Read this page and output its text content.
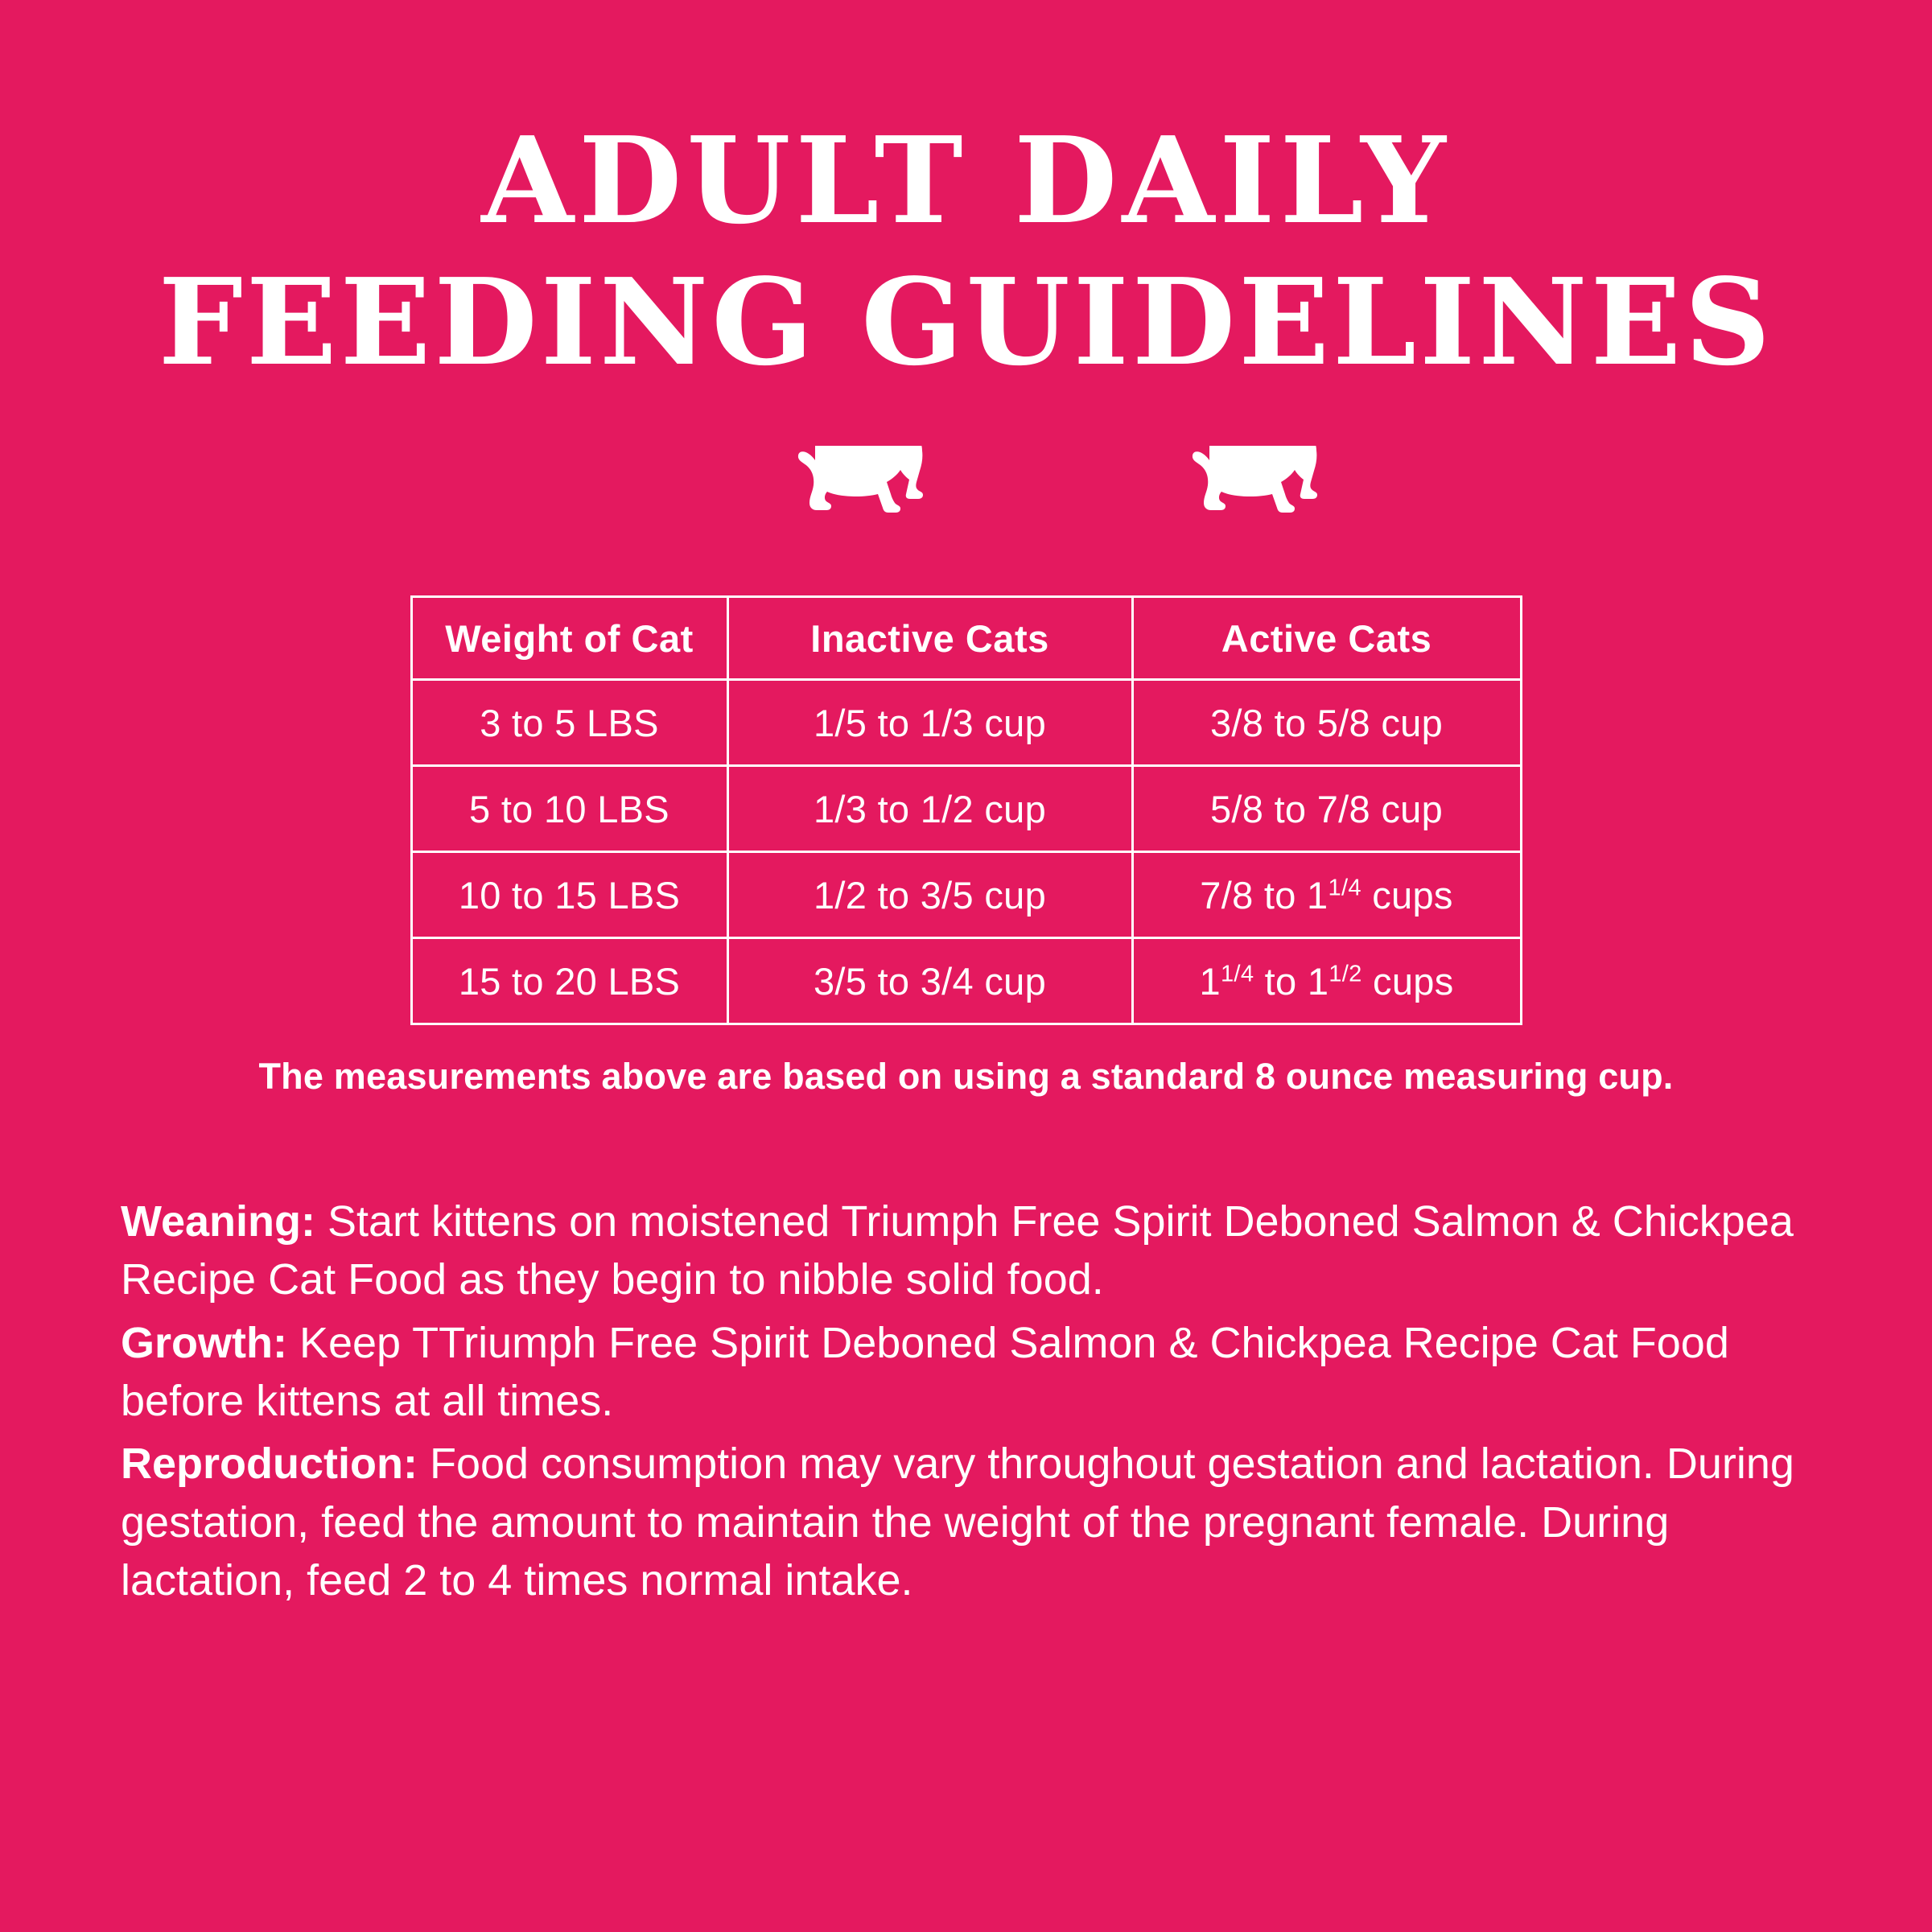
ADULT DAILY
FEEDING GUIDELINES
Weight of Cat	Inactive Cats	Active Cats
3 to 5 LBS	1/5 to 1/3 cup	3/8 to 5/8 cup
5 to 10 LBS	1/3 to 1/2 cup	5/8 to 7/8 cup
10 to 15 LBS	1/2 to 3/5 cup	7/8 to $1^{1/4}$ cups
15 to 20 LBS	3/5 to 3/4 cup	$1^{1/4}$ to $1^{1/2}$ cups
The measurements above are based on using a standard 8 ounce measuring cup.
Weaning: Start kittens on moistened Triumph Free Spirit Deboned Salmon & Chickpea Recipe Cat Food as they begin to nibble solid food.
Growth: Keep TTriumph Free Spirit Deboned Salmon & Chickpea Recipe Cat Food before kittens at all times.
Reproduction: Food consumption may vary throughout gestation and lactation. During gestation, feed the amount to maintain the weight of the pregnant female. During lactation, feed 2 to 4 times normal intake.
